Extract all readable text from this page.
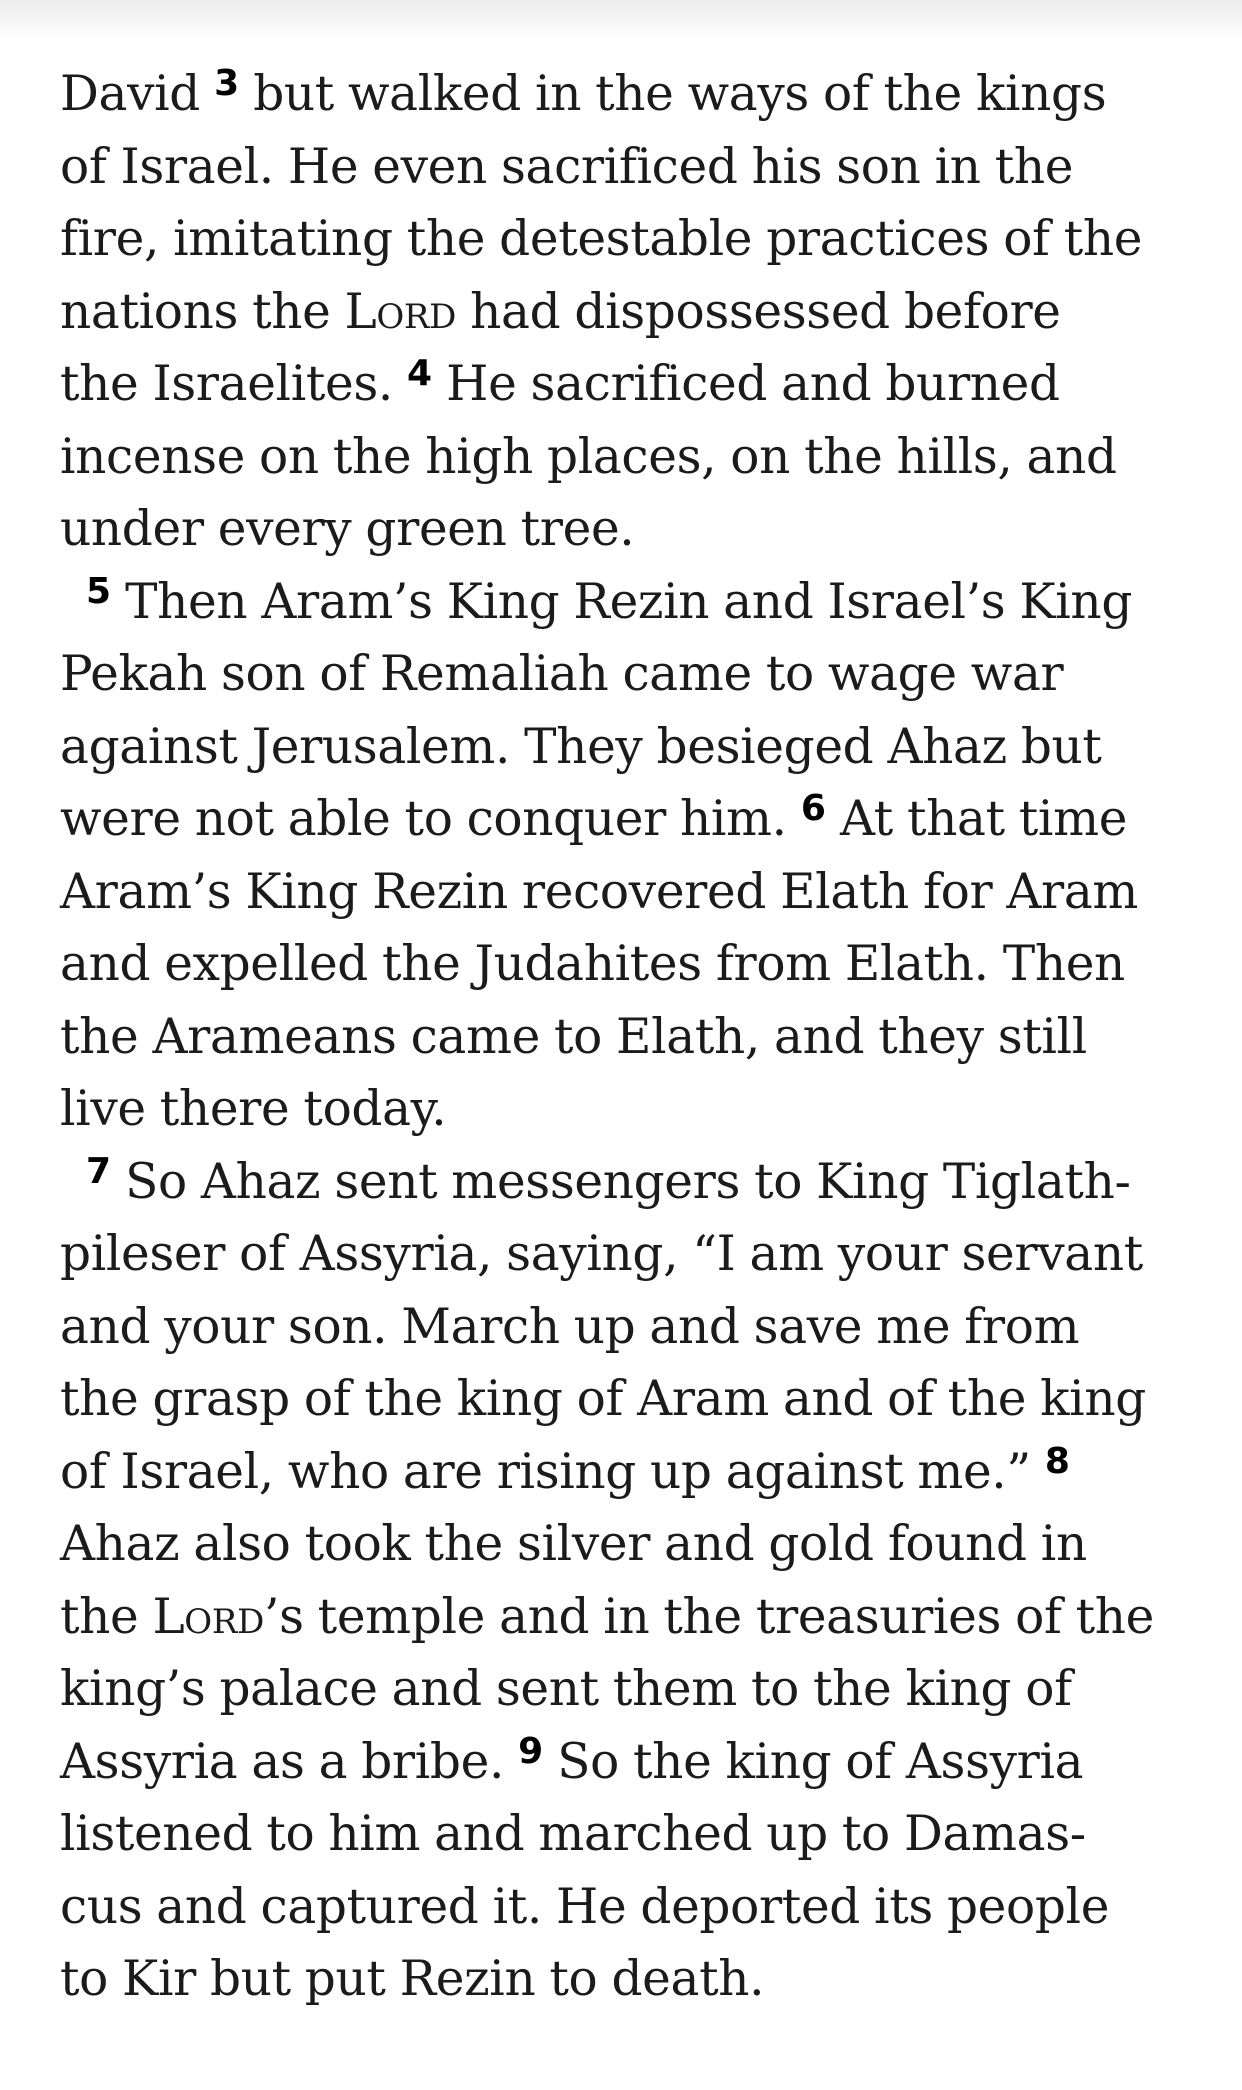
David $^3$ but walked in the ways of the kings
of Israel. He even sacrificed his son in the
fire, imitating the detestable practices of the
nations the Lord had dispossessed before
the Israelites. $^4$ He sacrificed and burned
incense on the high places, on the hills, and
under every green tree.
$^5$ Then Aram’s King Rezin and Israel’s King
Pekah son of Remaliah came to wage war
against Jerusalem. They besieged Ahaz but
were not able to conquer him. $^6$ At that time
Aram’s King Rezin recovered Elath for Aram
and expelled the Judahites from Elath. Then
the Arameans came to Elath, and they still
live there today.
$^7$ So Ahaz sent messengers to King Tiglath-
pileser of Assyria, saying, “I am your servant
and your son. March up and save me from
the grasp of the king of Aram and of the king
of Israel, who are rising up against me.” $^8$
Ahaz also took the silver and gold found in
the Lord’s temple and in the treasuries of the
king’s palace and sent them to the king of
Assyria as a bribe. $^9$ So the king of Assyria
listened to him and marched up to Damas-
cus and captured it. He deported its people
to Kir but put Rezin to death.
